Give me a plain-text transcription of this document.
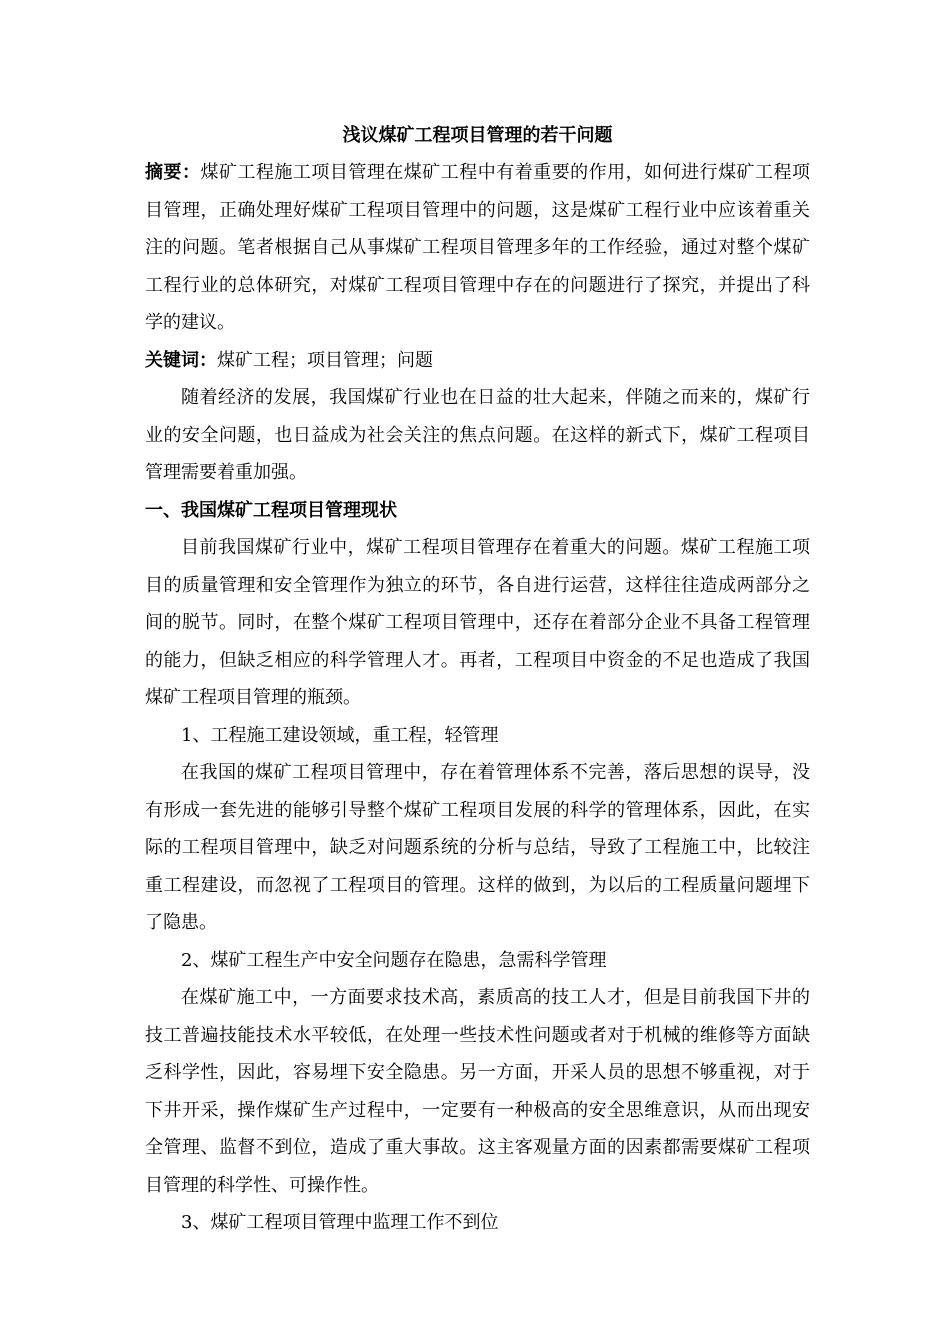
浅议煤矿工程项目管理的若干问题

摘要：煤矿工程施工项目管理在煤矿工程中有着重要的作用，如何进行煤矿工程项目管理，正确处理好煤矿工程项目管理中的问题，这是煤矿工程行业中应该着重关注的问题。笔者根据自己从事煤矿工程项目管理多年的工作经验，通过对整个煤矿工程行业的总体研究，对煤矿工程项目管理中存在的问题进行了探究，并提出了科学的建议。

关键词：煤矿工程；项目管理；问题

随着经济的发展，我国煤矿行业也在日益的壮大起来，伴随之而来的，煤矿行业的安全问题，也日益成为社会关注的焦点问题。在这样的新式下，煤矿工程项目管理需要着重加强。

一、我国煤矿工程项目管理现状

目前我国煤矿行业中，煤矿工程项目管理存在着重大的问题。煤矿工程施工项目的质量管理和安全管理作为独立的环节，各自进行运营，这样往往造成两部分之间的脱节。同时，在整个煤矿工程项目管理中，还存在着部分企业不具备工程管理的能力，但缺乏相应的科学管理人才。再者，工程项目中资金的不足也造成了我国煤矿工程项目管理的瓶颈。

1、工程施工建设领域，重工程，轻管理

在我国的煤矿工程项目管理中，存在着管理体系不完善，落后思想的误导，没有形成一套先进的能够引导整个煤矿工程项目发展的科学的管理体系，因此，在实际的工程项目管理中，缺乏对问题系统的分析与总结，导致了工程施工中，比较注重工程建设，而忽视了工程项目的管理。这样的做到，为以后的工程质量问题埋下了隐患。

2、煤矿工程生产中安全问题存在隐患，急需科学管理

在煤矿施工中，一方面要求技术高，素质高的技工人才，但是目前我国下井的技工普遍技能技术水平较低，在处理一些技术性问题或者对于机械的维修等方面缺乏科学性，因此，容易埋下安全隐患。另一方面，开采人员的思想不够重视，对于下井开采，操作煤矿生产过程中，一定要有一种极高的安全思维意识，从而出现安全管理、监督不到位，造成了重大事故。这主客观量方面的因素都需要煤矿工程项目管理的科学性、可操作性。

3、煤矿工程项目管理中监理工作不到位
